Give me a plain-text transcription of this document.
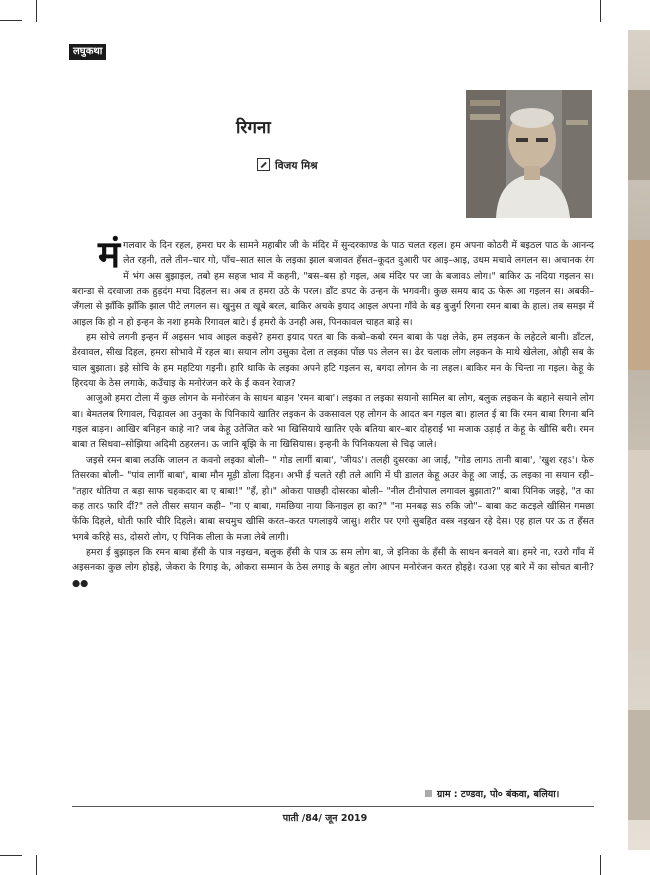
लघुकथा
रिगना
विजय मिश्र

मंगलवार के दिन रहल, हमरा घर के सामने महाबीर जी के मंदिर में सुन्दरकाण्ड के पाठ चलत रहल। हम अपना कोठरी में बइठल पाठ के आनन्द लेत रहनी, तले तीन–चार गो, पाँच–सात साल के लइका झाल बजावत हँसत–कूदत दुआरी पर आइ–आइ, उधम मचावे लगलन स। अचानक रंग में भंग अस बुझाइल, तबो हम सहज भाव में कहनी, "बस–बस हो गइल, अब मंदिर पर जा के बजावऽ लोग।" बाकिर ऊ नदिया गइलन स। बरान्डा से दरवाजा तक हुड़दंग मचा दिहलन स। अब त हमरा उठे के परल। डाँट डपट के उन्हन के भगवनी। कुछ समय बाद ऊ फेरू आ गइलन स। अबकी–जँगला से झाँकि झाँकि झाल पीटे लगलन स। खुनुस त खूबे बरल, बाकिर अचके इयाद आइल अपना गाँवे के बड़ बुजुर्ग रिगना रमन बाबा के हाल। तब समझ में आइल कि हो न हो इन्हन के नशा हमके रिगावल बाटे। ई हमरो के उनही अस, पिनकावल चाहत बाड़े स।

हम सोचे लगनी इन्हन में अइसन भाव आइल कइसे? हमरा इयाद परत बा कि कबो–कबो रमन बाबा के पक्ष लेके, हम लइकन के लहेटले बानी। डाँटल, डेरवावल, सीख दिहल, हमरा सोभावे में रहल बा। सयान लोग उसुका देला त लइका पोंछ पऽ लेलन स। ढेर चलाक लोग लइकन के माथे खेलेला, ओही सब के चाल बुझाता। इहे सोचि के हम महटिया गइनी। हारि थाकि के लइका अपने हटि गइलन स, बगदा लोगन के ना लहल। बाकिर मन के चिन्ता ना गइल। केहू के हिरदया के ठेस लगाके, कउँचाइ के मनोरंजन करे के ई कवन रेवाज?

आजुओ हमरा टोला में कुछ लोगन के मनोरंजन के साधन बाड़न 'रमन बाबा'। लइका त लइका सयानो सामिल बा लोग, बलुक लइकन के बहाने सयाने लोग बा। बेमतलब रिगावल, चिढ़ावल आ उनुका के पिनिकाये खातिर लइकन के उकसावल एह लोगन के आदत बन गइल बा। हालत ई बा कि रमन बाबा रिगना बनि गइल बाड़न। आखिर बनिहन काहे ना? जब केहू उतेजित करे भा खिसियाये खातिर एके बतिया बार–बार दोहराई भा मजाक उड़ाई त केहू के खीसि बरी। रमन बाबा त सिधवा–सोझिया अदिमी ठहरलन। ऊ जानि बूझि के ना खिसियास। इन्हनी के पिनिकयला से चिढ़ जाले।

जइसे रमन बाबा लउकि जालन त कवनो लइका बोली– " गोड लागीं बाबा', 'जीयऽ'। तलही दुसरका आ जाई, "गोड लागऽ तानी बाबा', 'खुश रहऽ'। फेरु तिसरका बोली– "पांव लागीं बाबा', बाबा मौन मूड़ी डोला दिहन। अभी ई चलते रही तले आगि में घी डालत केहू अउर केहू आ जाई, ऊ लइका ना सयान रही– "तहार धोतिया त बड़ा साफ चहकदार बा ए बाबा!" "हँ, हो।" ओकरा पाछही दोसरका बोली– "नील टीनोपाल लगावल बुझाता?" बाबा पिनिक जइहे, "त का कह तारऽ फारि दीं?" तले तीसर सयान कही– "ना ए बाबा, गमछिया नाया किनाइल हा का?" "ना मनबढ़ सऽ रुकि जो"– बाबा कट कटइले खीसिन गमछा फेंकि दिहले, धोती फारि चीरि दिहले। बाबा सचमुच खीसि करत–करत पगलाइये जासु। शरीर पर एगो सुबहित वस्त्र नइखन रहे देस। एह हाल पर ऊ त हँसत भगबे करिहे सऽ, दोसरो लोग, ए पिनिक लीला के मजा लेबे लागी।

हमरा ई बुझाइल कि रमन बाबा हँसी के पात्र नइखन, बलुक हँसी के पात्र ऊ सम लोग बा, जे इनिका के हँसी के साधन बनवले बा। हमरे ना, रउरो गाँव में अइसनका कुछ लोग होइहे, जेकरा के रिगाइ के, ओकरा सम्मान के ठेस लगाइ के बहुत लोग आपन मनोरंजन करत होइहे। रउआ एह बारे में का सोचत बानी? ●●

ग्राम : टण्डवा, पो० बंकवा, बलिया।
पाती /84/ जून 2019
